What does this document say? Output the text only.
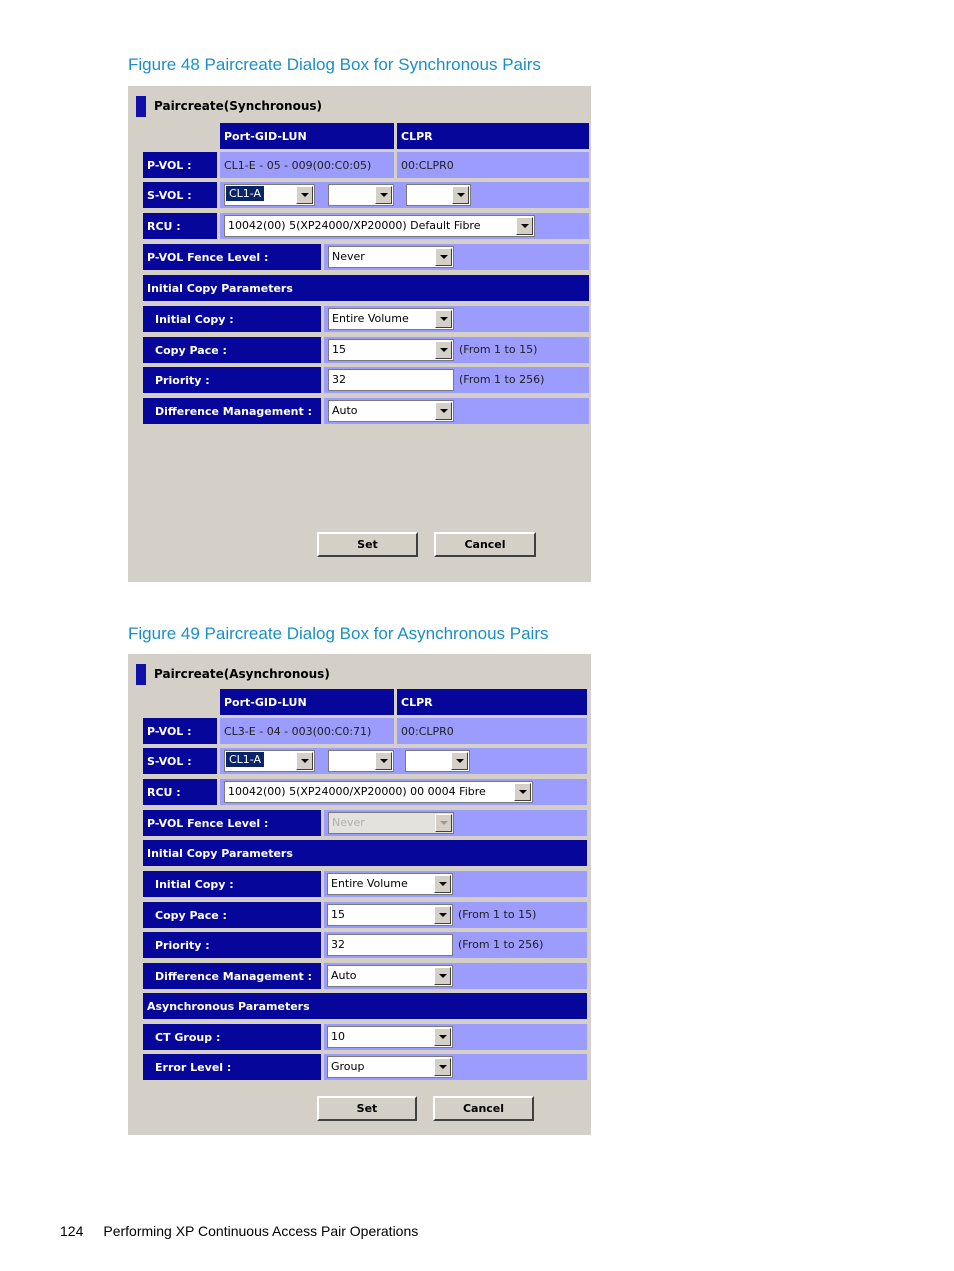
Figure 48 Paircreate Dialog Box for Synchronous Pairs
Paircreate(Synchronous)
Port-GID-LUN	CLPR
P-VOL :	CL1-E - 05 - 009(00:C0:05)	00:CLPR0
S-VOL :	CL1-A
RCU :	10042(00) 5(XP24000/XP20000) Default Fibre
P-VOL Fence Level :	Never
Initial Copy Parameters
Initial Copy :	Entire Volume
Copy Pace :	15	(From 1 to 15)
Priority :	32	(From 1 to 256)
Difference Management :	Auto
Set	Cancel
Figure 49 Paircreate Dialog Box for Asynchronous Pairs
Paircreate(Asynchronous)
Port-GID-LUN	CLPR
P-VOL :	CL3-E - 04 - 003(00:C0:71)	00:CLPR0
S-VOL :	CL1-A
RCU :	10042(00) 5(XP24000/XP20000) 00 0004 Fibre
P-VOL Fence Level :	Never
Initial Copy Parameters
Initial Copy :	Entire Volume
Copy Pace :	15	(From 1 to 15)
Priority :	32	(From 1 to 256)
Difference Management :	Auto
Asynchronous Parameters
CT Group :	10
Error Level :	Group
Set	Cancel
124 Performing XP Continuous Access Pair Operations
